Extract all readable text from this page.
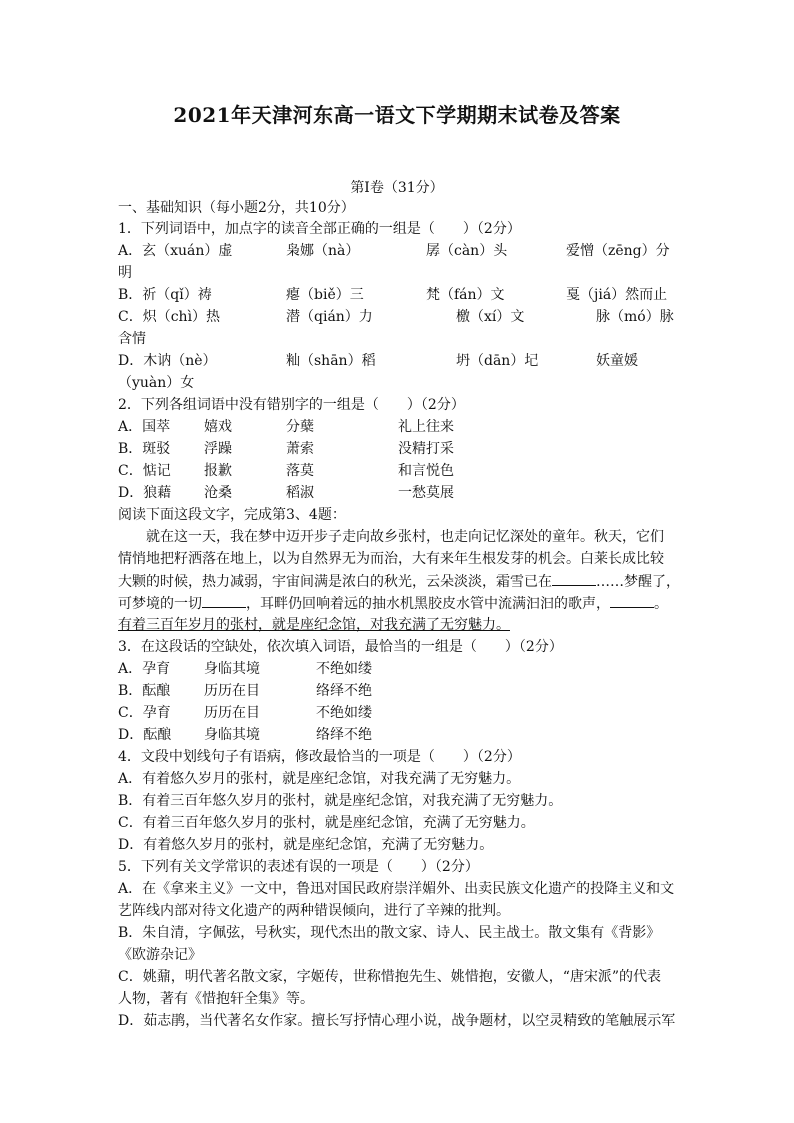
2021年天津河东高一语文下学期期末试卷及答案
第Ⅰ卷（31分）
一、基础知识（每小题2分，共10分）
1．下列词语中，加点字的读音全部正确的一组是（　　）（2分）
A．玄（xuán）虚	枭娜（nà）	孱（càn）头	爱憎（zēng）分
明
B．祈（qǐ）祷	瘪（biě）三	梵（fán）文	戛（jiá）然而止
C．炽（chì）热	潜（qián）力	檄（xí）文	脉（mó）脉
含情
D．木讷（nè）	籼（shān）稻	坍（dān）圮	妖童媛
（yuàn）女
2．下列各组词语中没有错别字的一组是（　　）（2分）
A．国萃 嬉戏	分蘖	礼上往来
B．斑驳 浮躁	萧索	没精打采
C．惦记 报歉	落莫	和言悦色
D．狼藉 沧桑	稻淑	一愁莫展
阅读下面这段文字，完成第3、4题：
就在这一天，我在梦中迈开步子走向故乡张村，也走向记忆深处的童年。秋天，它们
情悄地把籽洒落在地上，以为自然界无为而治，大有来年生根发芽的机会。白莱长成比较
大颗的时候，热力减弱，宇宙间满是浓白的秋光，云朵淡淡，霜雪已在	……梦醒了，
可梦境的一切	，耳畔仍回响着远的抽水机黑胶皮水管中流满汩汩的歌声，	。
有着三百年岁月的张村，就是座纪念馆，对我充满了无穷魅力。
3．在这段话的空缺处，依次填入词语，最恰当的一组是（　　）（2分）
A．孕育 身临其境	不绝如缕
B．酝酿 历历在目	络绎不绝
C．孕育 历历在目	不绝如缕
D．酝酿 身临其境	络绎不绝
4．文段中划线句子有语病，修改最恰当的一项是（　　）（2分）
A．有着悠久岁月的张村，就是座纪念馆，对我充满了无穷魅力。
B．有着三百年悠久岁月的张村，就是座纪念馆，对我充满了无穷魅力。
C．有着三百年悠久岁月的张村，就是座纪念馆，充满了无穷魅力。
D．有着悠久岁月的张村，就是座纪念馆，充满了无穷魅力。
5．下列有关文学常识的表述有误的一项是（　　）（2分）
A．在《拿来主义》一文中，鲁迅对国民政府崇洋媚外、出卖民族文化遗产的投降主义和文
艺阵线内部对待文化遗产的两种错误倾向，进行了辛辣的批判。
B．朱自清，字佩弦，号秋实，现代杰出的散文家、诗人、民主战士。散文集有《背影》
《欧游杂记》
C．姚鼐，明代著名散文家，字姬传，世称惜抱先生、姚惜抱，安徽人，“唐宋派”的代表
人物，著有《惜抱轩全集》等。
D．茹志鹃，当代著名女作家。擅长写抒情心理小说，战争题材，以空灵精致的笔触展示军
